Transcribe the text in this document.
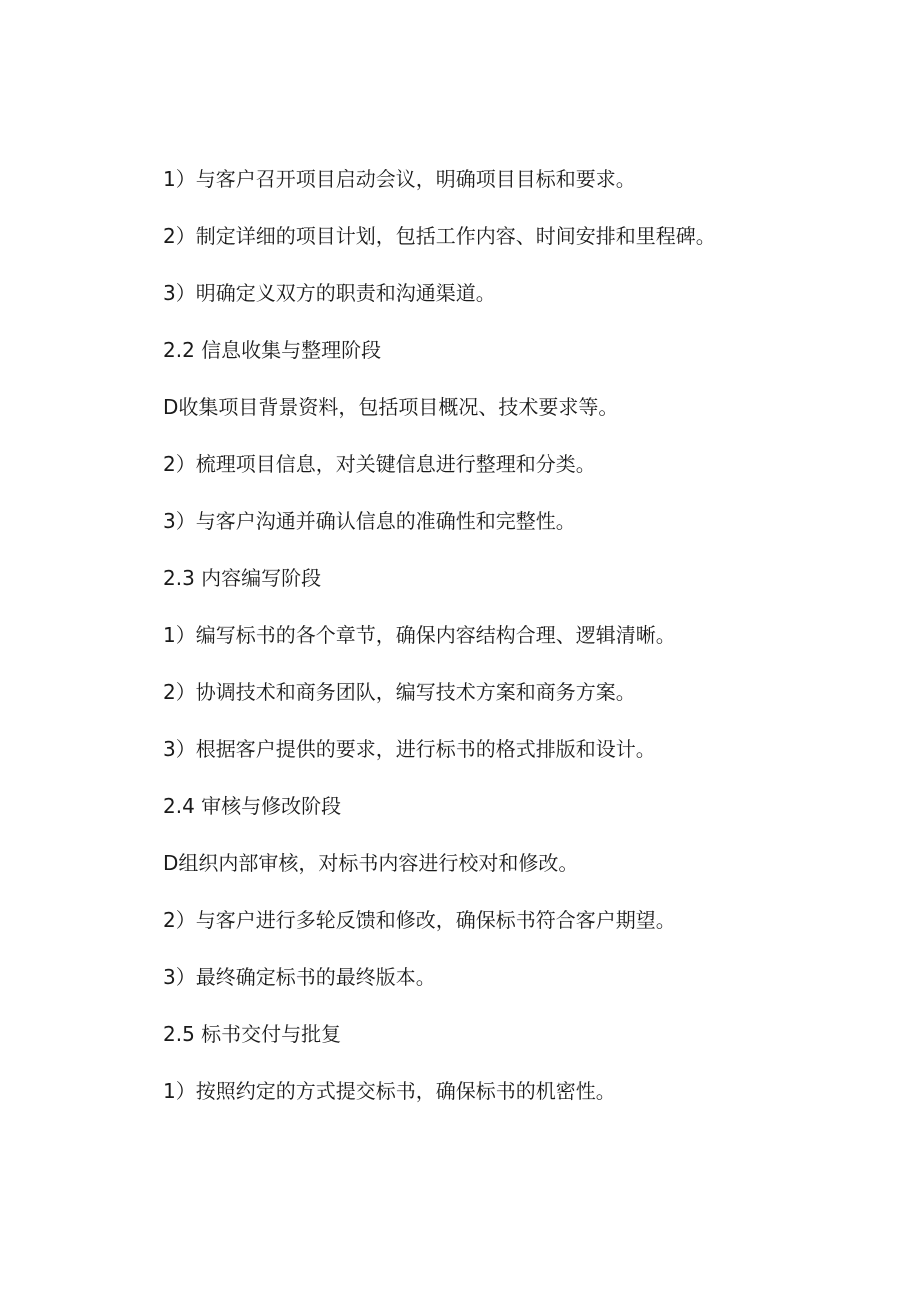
1）与客户召开项目启动会议，明确项目目标和要求。
2）制定详细的项目计划，包括工作内容、时间安排和里程碑。
3）明确定义双方的职责和沟通渠道。
2.2 信息收集与整理阶段
D收集项目背景资料，包括项目概况、技术要求等。
2）梳理项目信息，对关键信息进行整理和分类。
3）与客户沟通并确认信息的准确性和完整性。
2.3 内容编写阶段
1）编写标书的各个章节，确保内容结构合理、逻辑清晰。
2）协调技术和商务团队，编写技术方案和商务方案。
3）根据客户提供的要求，进行标书的格式排版和设计。
2.4 审核与修改阶段
D组织内部审核，对标书内容进行校对和修改。
2）与客户进行多轮反馈和修改，确保标书符合客户期望。
3）最终确定标书的最终版本。
2.5 标书交付与批复
1）按照约定的方式提交标书，确保标书的机密性。
